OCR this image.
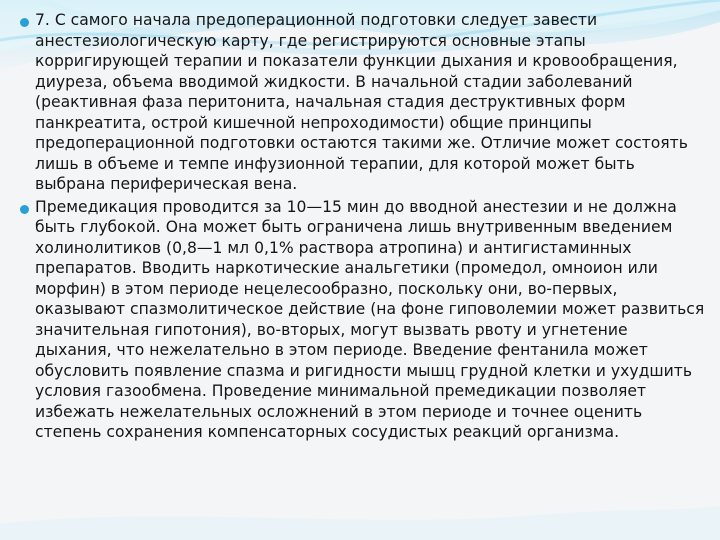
7. С самого начала предоперационной подготовки следует завести анестезиологическую карту, где регистрируются основные этапы корригирующей терапии и показатели функции дыхания и кровообращения, диуреза, объема вводимой жидкости. В начальной стадии заболеваний (реактивная фаза перитонита, начальная стадия деструктивных форм панкреатита, острой кишечной непроходимости) общие принципы предоперационной подготовки остаются такими же. Отличие может состоять лишь в объеме и темпе инфузионной терапии, для которой может быть выбрана периферическая вена.

Премедикация проводится за 10—15 мин до вводной анестезии и не должна быть глубокой. Она может быть ограничена лишь внутривенным введением холинолитиков (0,8—1 мл 0,1% раствора атропина) и антигистаминных препаратов. Вводить наркотические анальгетики (промедол, омноион или морфин) в этом периоде нецелесообразно, поскольку они, во-первых, оказывают спазмолитическое действие (на фоне гиповолемии может развиться значительная гипотония), во-вторых, могут вызвать рвоту и угнетение дыхания, что нежелательно в этом периоде. Введение фентанила может обусловить появление спазма и ригидности мышц грудной клетки и ухудшить условия газообмена. Проведение минимальной премедикации позволяет избежать нежелательных осложнений в этом периоде и точнее оценить степень сохранения компенсаторных сосудистых реакций организма.
